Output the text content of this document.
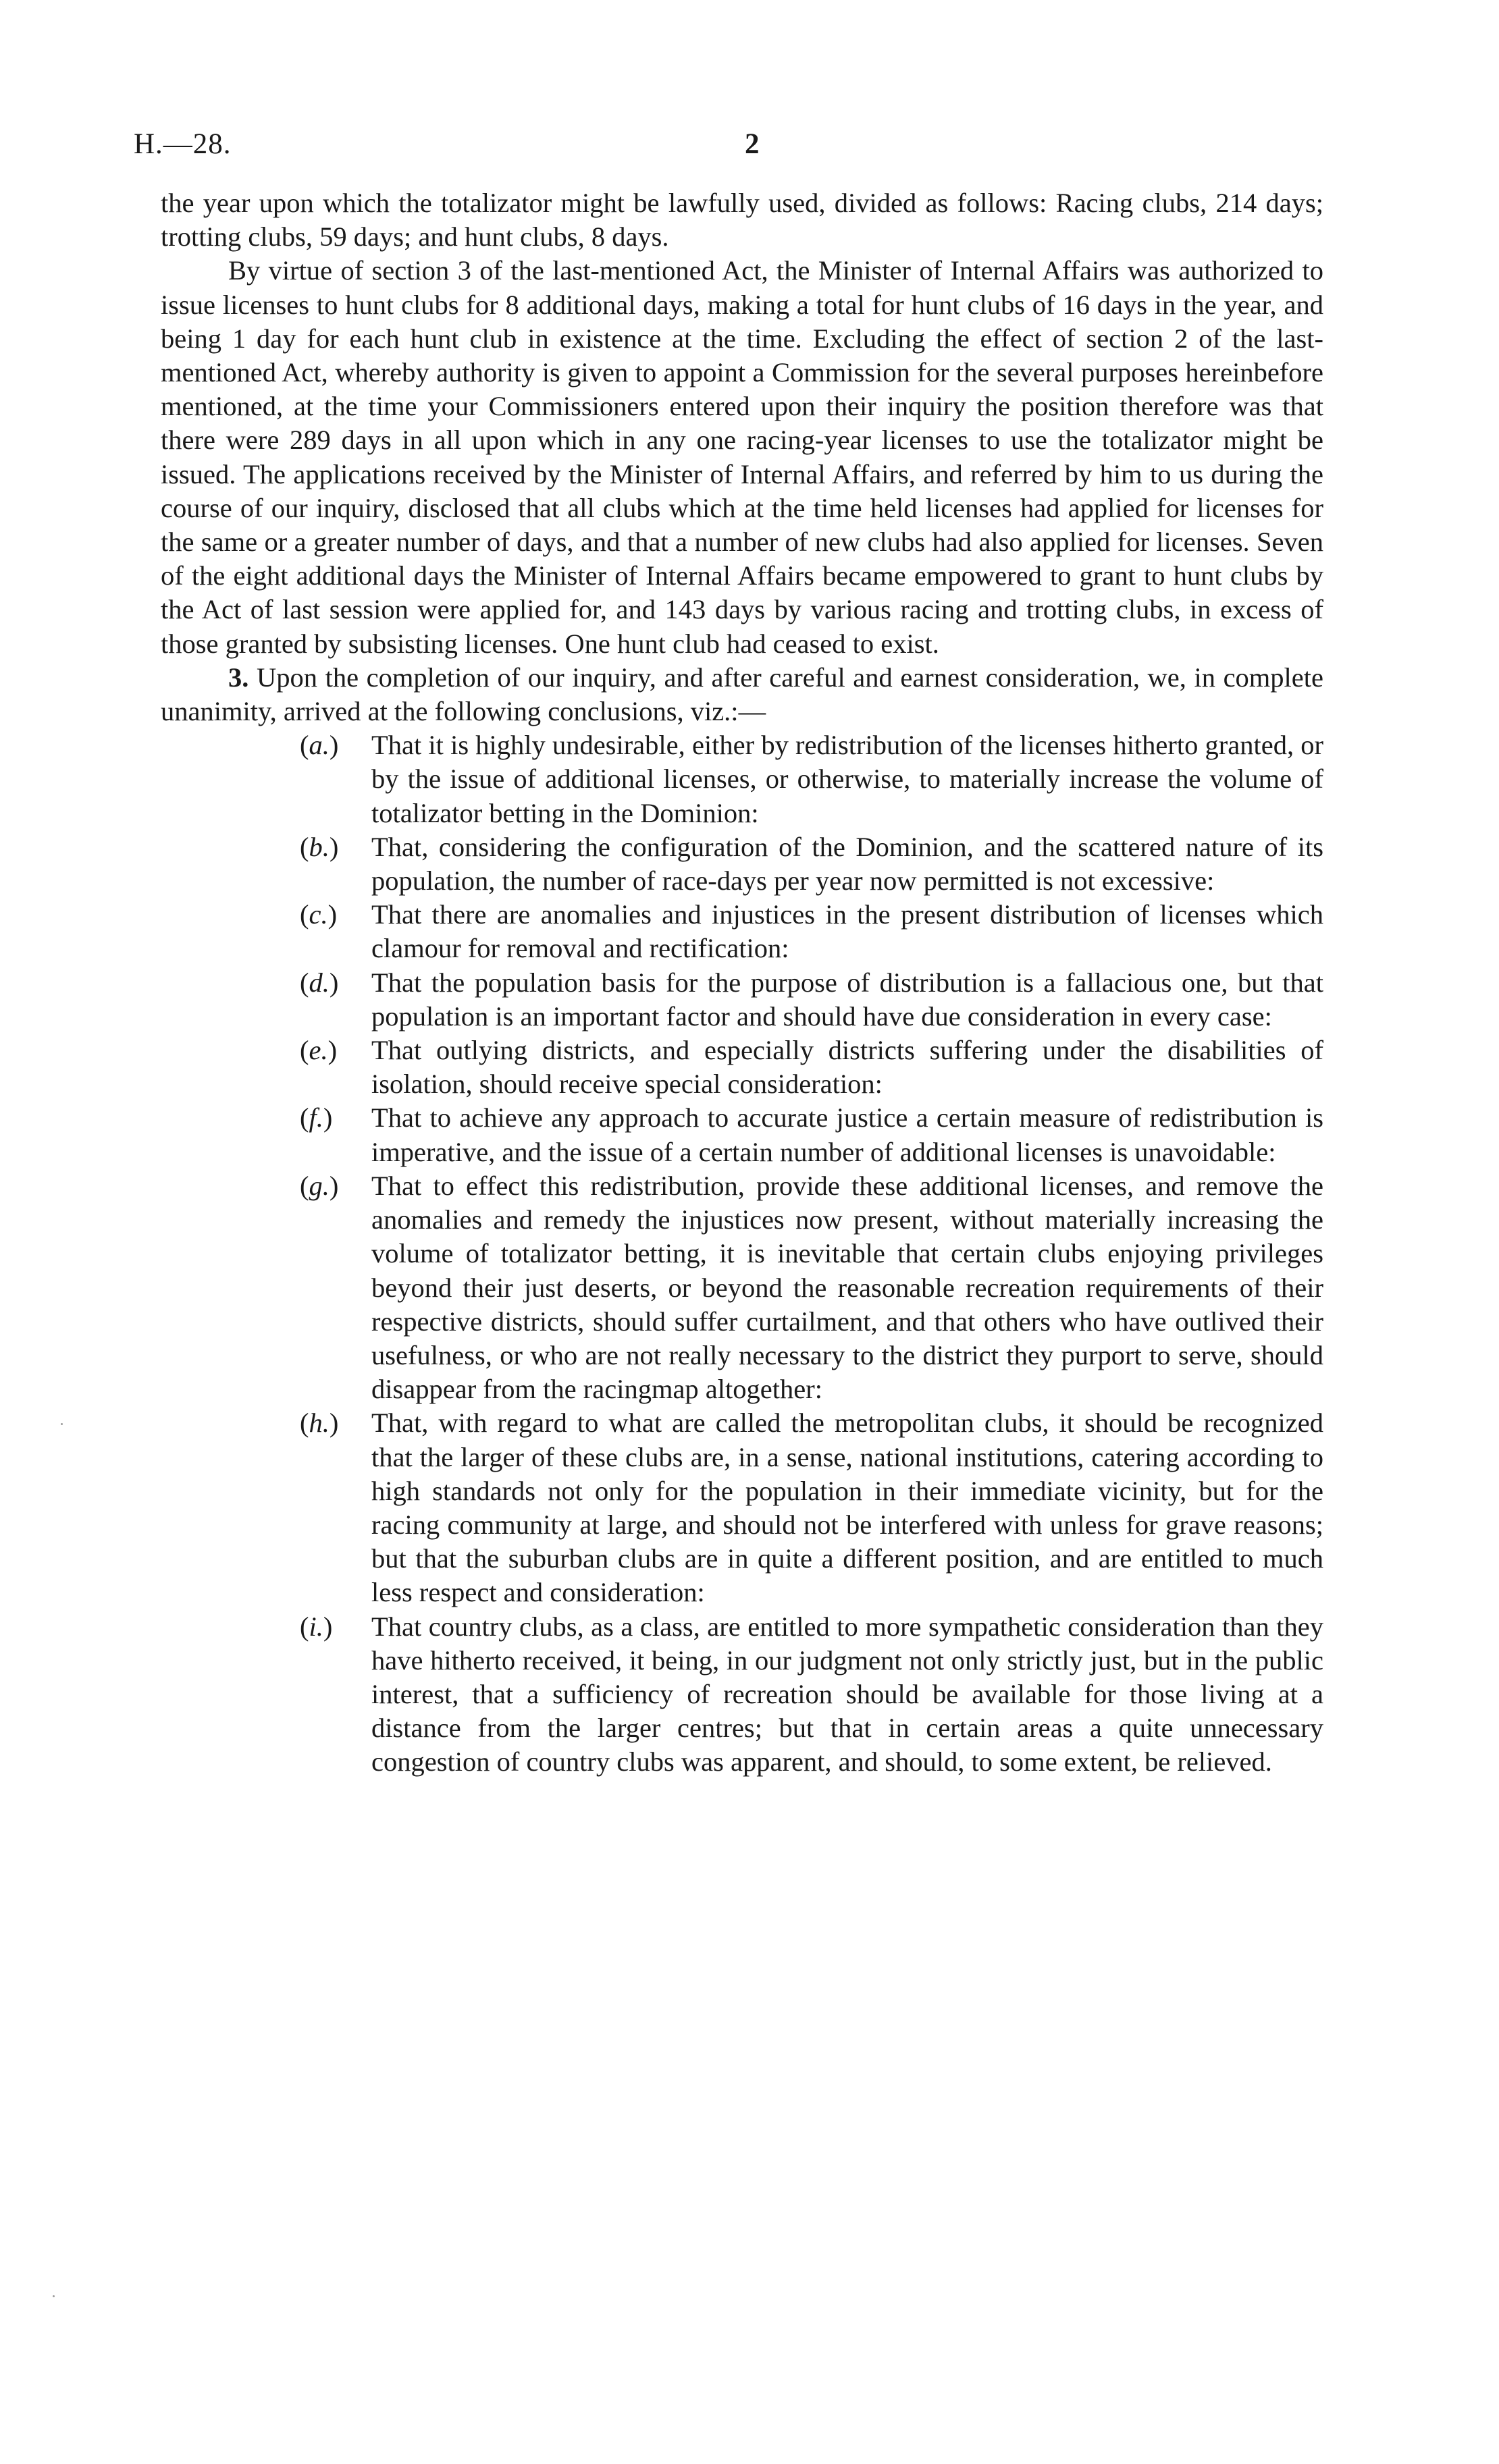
H.—28.	2

the year upon which the totalizator might be lawfully used, divided as follows: Racing clubs, 214 days; trotting clubs, 59 days; and hunt clubs, 8 days.

By virtue of section 3 of the last-mentioned Act, the Minister of Internal Affairs was authorized to issue licenses to hunt clubs for 8 additional days, making a total for hunt clubs of 16 days in the year, and being 1 day for each hunt club in existence at the time. Excluding the effect of section 2 of the last-mentioned Act, whereby authority is given to appoint a Commission for the several purposes hereinbefore mentioned, at the time your Commissioners entered upon their inquiry the position therefore was that there were 289 days in all upon which in any one racing-year licenses to use the totalizator might be issued. The applications received by the Minister of Internal Affairs, and referred by him to us during the course of our inquiry, disclosed that all clubs which at the time held licenses had applied for licenses for the same or a greater number of days, and that a number of new clubs had also applied for licenses. Seven of the eight additional days the Minister of Internal Affairs became empowered to grant to hunt clubs by the Act of last session were applied for, and 143 days by various racing and trotting clubs, in excess of those granted by subsisting licenses. One hunt club had ceased to exist.

3. Upon the completion of our inquiry, and after careful and earnest consideration, we, in complete unanimity, arrived at the following conclusions, viz.:—

(a.) That it is highly undesirable, either by redistribution of the licenses hitherto granted, or by the issue of additional licenses, or otherwise, to materially increase the volume of totalizator betting in the Dominion:
(b.) That, considering the configuration of the Dominion, and the scattered nature of its population, the number of race-days per year now permitted is not excessive:
(c.) That there are anomalies and injustices in the present distribution of licenses which clamour for removal and rectification:
(d.) That the population basis for the purpose of distribution is a fallacious one, but that population is an important factor and should have due consideration in every case:
(e.) That outlying districts, and especially districts suffering under the disabilities of isolation, should receive special consideration:
(f.) That to achieve any approach to accurate justice a certain measure of redistribution is imperative, and the issue of a certain number of additional licenses is unavoidable:
(g.) That to effect this redistribution, provide these additional licenses, and remove the anomalies and remedy the injustices now present, without materially increasing the volume of totalizator betting, it is inevitable that certain clubs enjoying privileges beyond their just deserts, or beyond the reasonable recreation requirements of their respective districts, should suffer curtailment, and that others who have outlived their usefulness, or who are not really necessary to the district they purport to serve, should disappear from the racingmap altogether:
(h.) That, with regard to what are called the metropolitan clubs, it should be recognized that the larger of these clubs are, in a sense, national institutions, catering according to high standards not only for the population in their immediate vicinity, but for the racing community at large, and should not be interfered with unless for grave reasons; but that the suburban clubs are in quite a different position, and are entitled to much less respect and consideration:
(i.) That country clubs, as a class, are entitled to more sympathetic consideration than they have hitherto received, it being, in our judgment not only strictly just, but in the public interest, that a sufficiency of recreation should be available for those living at a distance from the larger centres; but that in certain areas a quite unnecessary congestion of country clubs was apparent, and should, to some extent, be relieved.
